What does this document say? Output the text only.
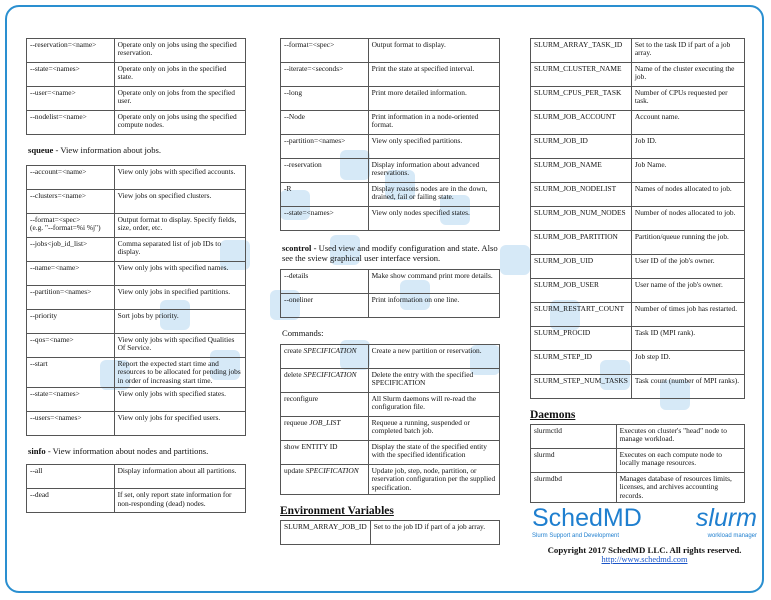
--reservation=<name>	Operate only on jobs using the specified reservation.
--state=<names>	Operate only on jobs in the specified state.
--user=<name>	Operate only on jobs from the specified user.
--nodelist=<name>	Operate only on jobs using the specified compute nodes.
squeue - View information about jobs.
--account=<name>	View only jobs with specified accounts.
--clusters=<name>	View jobs on specified clusters.
--format=<spec>
(e.g. "--format=%i %j")	Output format to display. Specify fields, size, order, etc.
--jobs<job_id_list>	Comma separated list of job IDs to display.
--name=<name>	View only jobs with specified names.
--partition=<names>	View only jobs in specified partitions.
--priority	Sort jobs by priority.
--qos=<name>	View only jobs with specified Qualities Of Service.
--start	Report the expected start time and resources to be allocated for pending jobs in order of increasing start time.
--state=<names>	View only jobs with specified states.
--users=<names>	View only jobs for specified users.
sinfo - View information about nodes and partitions.
--all	Display information about all partitions.
--dead	If set, only report state information for non-responding (dead) nodes.
--format=<spec>	Output format to display.
--iterate=<seconds>	Print the state at specified interval.
--long	Print more detailed information.
--Node	Print information in a node-oriented format.
--partition=<names>	View only specified partitions.
--reservation	Display information about advanced reservations.
-R	Display reasons nodes are in the down, drained, fail or failing state.
--state=<names>	View only nodes specified states.
scontrol - Used view and modify configuration and state. Also see the sview graphical user interface version.
--details	Make show command print more details.
--oneliner	Print information on one line.
Commands:
create SPECIFICATION	Create a new partition or reservation.
delete SPECIFICATION	Delete the entry with the specified SPECIFICATION
reconfigure	All Slurm daemons will re-read the configuration file.
requeue JOB_LIST	Requeue a running, suspended or completed batch job.
show ENTITY ID	Display the state of the specified entity with the specified identification
update SPECIFICATION	Update job, step, node, partition, or reservation configuration per the supplied specification.
Environment Variables
SLURM_ARRAY_JOB_ID	Set to the job ID if part of a job array.
SLURM_ARRAY_TASK_ID	Set to the task ID if part of a job array.
SLURM_CLUSTER_NAME	Name of the cluster executing the job.
SLURM_CPUS_PER_TASK	Number of CPUs requested per task.
SLURM_JOB_ACCOUNT	Account name.
SLURM_JOB_ID	Job ID.
SLURM_JOB_NAME	Job Name.
SLURM_JOB_NODELIST	Names of nodes allocated to job.
SLURM_JOB_NUM_NODES	Number of nodes allocated to job.
SLURM_JOB_PARTITION	Partition/queue running the job.
SLURM_JOB_UID	User ID of the job's owner.
SLURM_JOB_USER	User name of the job's owner.
SLURM_RESTART_COUNT	Number of times job has restarted.
SLURM_PROCID	Task ID (MPI rank).
SLURM_STEP_ID	Job step ID.
SLURM_STEP_NUM_TASKS	Task count (number of MPI ranks).
Daemons
slurmctld	Executes on cluster's "head" node to manage workload.
slurmd	Executes on each compute node to locally manage resources.
slurmdbd	Manages database of resources limits, licenses, and archives accounting records.
SchedMD
Slurm Support and Development
slurm
workload manager
Copyright 2017 SchedMD LLC. All rights reserved.
http://www.schedmd.com
